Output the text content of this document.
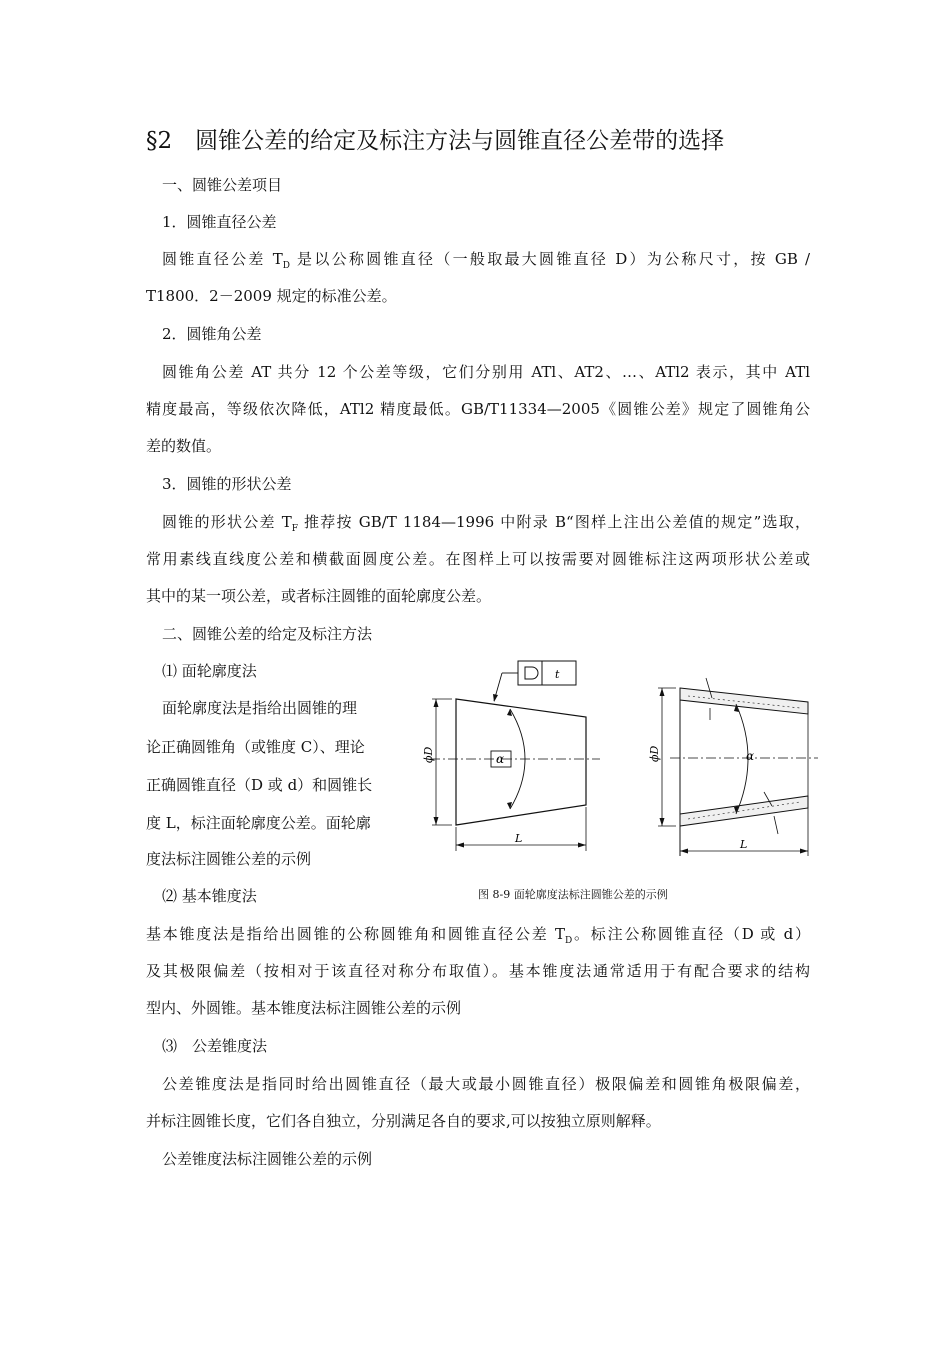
§2　圆锥公差的给定及标注方法与圆锥直径公差带的选择
一、圆锥公差项目
1．圆锥直径公差
圆锥直径公差 $T_D$ 是以公称圆锥直径（一般取最大圆锥直径 D）为公称尺寸，按 GB /
T1800．2－2009 规定的标准公差。
2．圆锥角公差
圆锥角公差 AT 共分 12 个公差等级，它们分别用 ATl、AT2、…、ATl2 表示，其中 ATl
精度最高，等级依次降低，ATl2 精度最低。GB/T11334—2005《圆锥公差》规定了圆锥角公
差的数值。
3．圆锥的形状公差
圆锥的形状公差 $T_F$ 推荐按 GB/T 1184—1996 中附录 B“图样上注出公差值的规定”选取，
常用素线直线度公差和横截面圆度公差。在图样上可以按需要对圆锥标注这两项形状公差或
其中的某一项公差，或者标注圆锥的面轮廓度公差。
二、圆锥公差的给定及标注方法
⑴ 面轮廓度法
面轮廓度法是指给出圆锥的理
论正确圆锥角（或锥度 C）、理论
正确圆锥直径（D 或 d）和圆锥长
度 L，标注面轮廓度公差。面轮廓
度法标注圆锥公差的示例
ϕD	α
L
t
ϕD	α
L
⑵ 基本锥度法	图 8-9 面轮廓度法标注圆锥公差的示例
基本锥度法是指给出圆锥的公称圆锥角和圆锥直径公差 $T_D$。标注公称圆锥直径（D 或 d）
及其极限偏差（按相对于该直径对称分布取值）。基本锥度法通常适用于有配合要求的结构
型内、外圆锥。基本锥度法标注圆锥公差的示例
⑶　公差锥度法
公差锥度法是指同时给出圆锥直径（最大或最小圆锥直径）极限偏差和圆锥角极限偏差，
并标注圆锥长度，它们各自独立，分别满足各自的要求,可以按独立原则解释。
公差锥度法标注圆锥公差的示例
